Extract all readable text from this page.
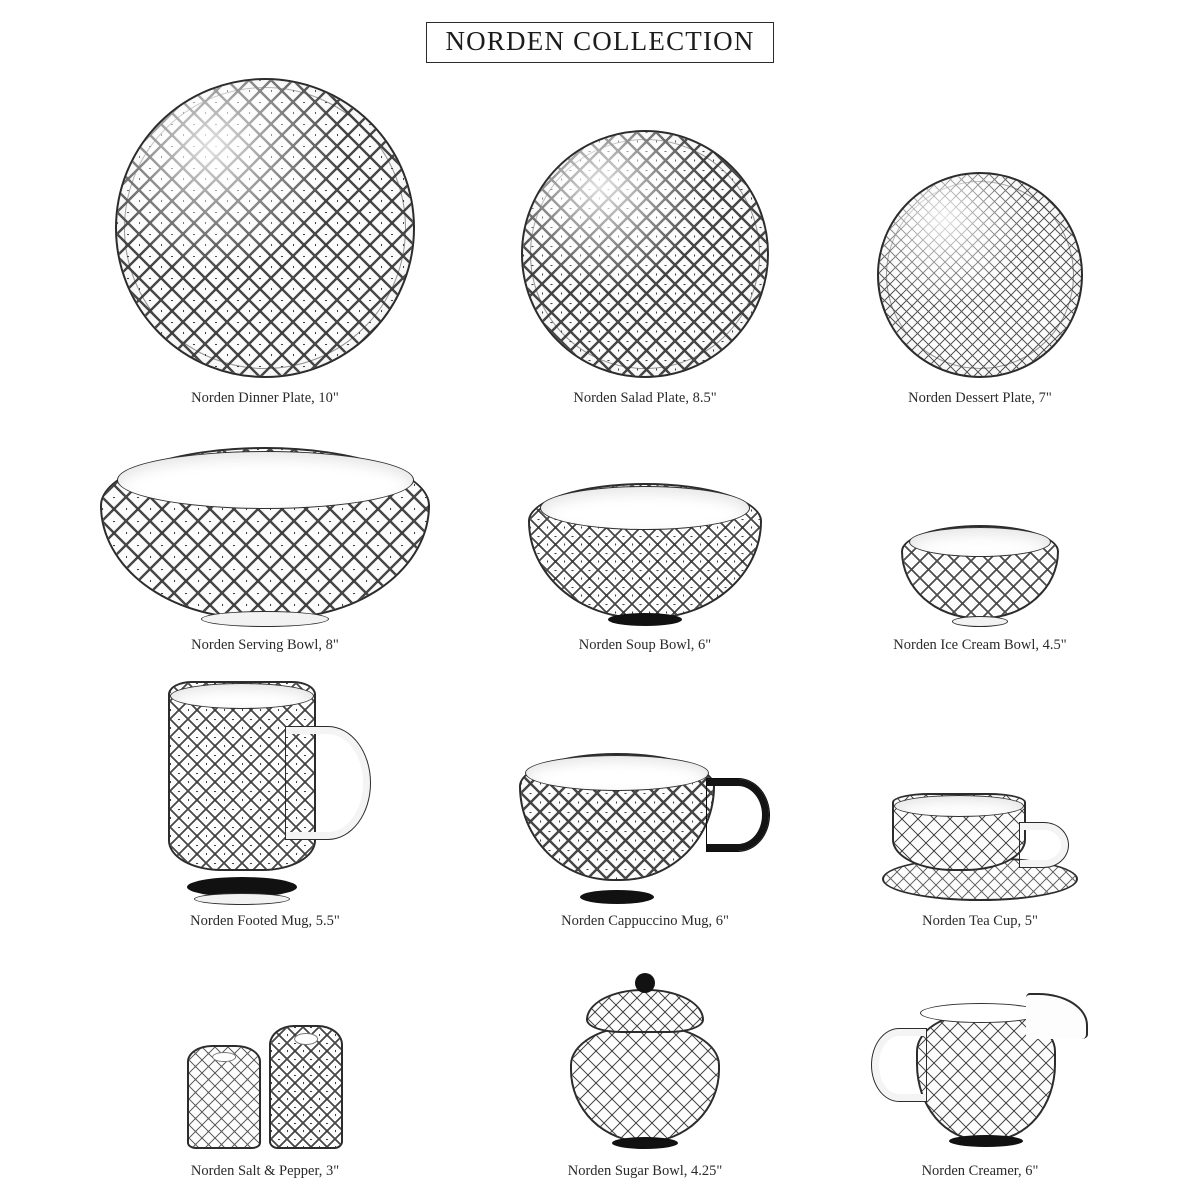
NORDEN COLLECTION
Norden Dinner Plate, 10"	Norden Salad Plate, 8.5"	Norden Dessert Plate, 7"
Norden Serving Bowl, 8"	Norden Soup Bowl, 6"	Norden Ice Cream Bowl, 4.5"
Norden Footed Mug, 5.5"	Norden Cappuccino Mug, 6"	Norden Tea Cup, 5"
Norden Salt & Pepper, 3"	Norden Sugar Bowl, 4.25"	Norden Creamer, 6"
